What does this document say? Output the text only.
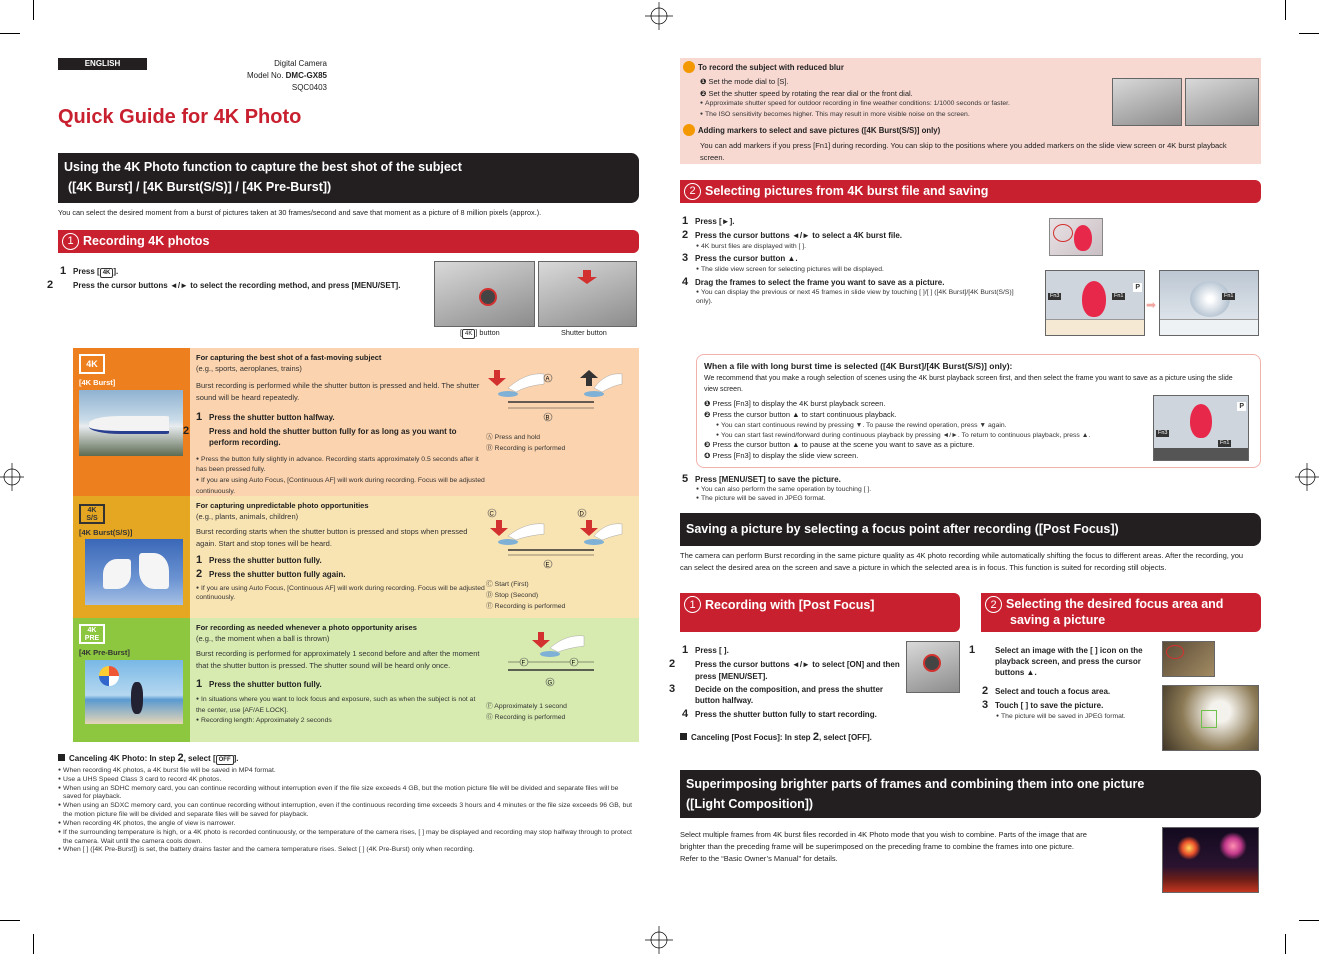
ENGLISH	Digital Camera
Model No. DMC-GX85
SQC0403
Quick Guide for 4K Photo
Using the 4K Photo function to capture the best shot of the subject
([4K Burst] / [4K Burst(S/S)] / [4K Pre-Burst])
You can select the desired moment from a burst of pictures taken at 30 frames/second and save that moment as a picture of 8 million pixels (approx.).
1 Recording 4K photos
1 Press [ 4K ].
2 Press the cursor buttons ◄/► to select the recording method, and press [MENU/SET].
[ 4K ] button	Shutter button
4K
[4K Burst]
For capturing the best shot of a fast-moving subject
(e.g., sports, aeroplanes, trains)
Burst recording is performed while the shutter button is pressed and held. The shutter sound will be heard repeatedly.
1 Press the shutter button halfway.
2 Press and hold the shutter button fully for as long as you want to perform recording.
● Press the button fully slightly in advance. Recording starts approximately 0.5 seconds after it has been pressed fully.
● If you are using Auto Focus, [Continuous AF] will work during recording. Focus will be adjusted continuously.
A
B
Ⓐ Press and hold
Ⓑ Recording is performed
4K
S/S
[4K Burst(S/S)]
For capturing unpredictable photo opportunities
(e.g., plants, animals, children)
Burst recording starts when the shutter button is pressed and stops when pressed again. Start and stop tones will be heard.
1 Press the shutter button fully.
2 Press the shutter button fully again.
● If you are using Auto Focus, [Continuous AF] will work during recording. Focus will be adjusted continuously.
C	D
E
Ⓒ Start (First)
Ⓓ Stop (Second)
Ⓔ Recording is performed
4K
PRE
[4K Pre-Burst]
For recording as needed whenever a photo opportunity arises
(e.g., the moment when a ball is thrown)
Burst recording is performed for approximately 1 second before and after the moment that the shutter button is pressed. The shutter sound will be heard only once.
1 Press the shutter button fully.
● In situations where you want to lock focus and exposure, such as when the subject is not at the center, use [AF/AE LOCK].
● Recording length: Approximately 2 seconds
F	F
G
Ⓕ Approximately 1 second
Ⓖ Recording is performed
Canceling 4K Photo: In step 2, select [ OFF ].
● When recording 4K photos, a 4K burst file will be saved in MP4 format.
● Use a UHS Speed Class 3 card to record 4K photos.
● When using an SDHC memory card, you can continue recording without interruption even if the file size exceeds 4 GB, but the motion picture file will be divided and separate files will be saved for playback.
● When using an SDXC memory card, you can continue recording without interruption, even if the continuous recording time exceeds 3 hours and 4 minutes or the file size exceeds 96 GB, but the motion picture file will be divided and separate files will be saved for playback.
● When recording 4K photos, the angle of view is narrower.
● If the surrounding temperature is high, or a 4K photo is recorded continuously, or the temperature of the camera rises, [ ] may be displayed and recording may stop halfway through to protect the camera. Wait until the camera cools down.
● When [ ] ([4K Pre-Burst]) is set, the battery drains faster and the camera temperature rises. Select [ ] (4K Pre-Burst) only when recording.
To record the subject with reduced blur
❶ Set the mode dial to [S].
❷ Set the shutter speed by rotating the rear dial or the front dial.
● Approximate shutter speed for outdoor recording in fine weather conditions: 1/1000 seconds or faster.
● The ISO sensitivity becomes higher. This may result in more visible noise on the screen.
Adding markers to select and save pictures ([4K Burst(S/S)] only)
You can add markers if you press [Fn1] during recording. You can skip to the positions where you added markers on the slide view screen or 4K burst playback screen.
2 Selecting pictures from 4K burst file and saving
1 Press [►].
2 Press the cursor buttons ◄/► to select a 4K burst file.
● 4K burst files are displayed with [ ].
3 Press the cursor button ▲.
● The slide view screen for selecting pictures will be displayed.
4 Drag the frames to select the frame you want to save as a picture.
● You can display the previous or next 45 frames in slide view by touching [ ]/[ ] ([4K Burst]/[4K Burst(S/S)] only).
Fn3	Fn1
P
➡
Fn1
When a file with long burst time is selected ([4K Burst]/[4K Burst(S/S)] only):
We recommend that you make a rough selection of scenes using the 4K burst playback screen first, and then select the frame you want to save as a picture using the slide view screen.
❶ Press [Fn3] to display the 4K burst playback screen.
❷ Press the cursor button ▲ to start continuous playback.
● You can start continuous rewind by pressing ▼. To pause the rewind operation, press ▼ again.
● You can start fast rewind/forward during continuous playback by pressing ◄/►. To return to continuous playback, press ▲.
❸ Press the cursor button ▲ to pause at the scene you want to save as a picture.
❹ Press [Fn3] to display the slide view screen.
Fn3
Fn1
P
5 Press [MENU/SET] to save the picture.
● You can also perform the same operation by touching [ ].
● The picture will be saved in JPEG format.
Saving a picture by selecting a focus point after recording ([Post Focus])
The camera can perform Burst recording in the same picture quality as 4K photo recording while automatically shifting the focus to different areas. After the recording, you can select the desired area on the screen and save a picture in which the selected area is in focus. This function is suited for recording still objects.
1 Recording with [Post Focus]
1 Press [ ].
2 Press the cursor buttons ◄/► to select [ON] and then press [MENU/SET].
3 Decide on the composition, and press the shutter button halfway.
4 Press the shutter button fully to start recording.
Canceling [Post Focus]: In step 2, select [OFF].
2 Selecting the desired focus area and
saving a picture
1 Select an image with the [ ] icon on the playback screen, and press the cursor buttons ▲.
2 Select and touch a focus area.
3 Touch [ ] to save the picture.
● The picture will be saved in JPEG format.
Superimposing brighter parts of frames and combining them into one picture
([Light Composition])
Select multiple frames from 4K burst files recorded in 4K Photo mode that you wish to combine. Parts of the image that are
brighter than the preceding frame will be superimposed on the preceding frame to combine the frames into one picture.
Refer to the “Basic Owner’s Manual” for details.
